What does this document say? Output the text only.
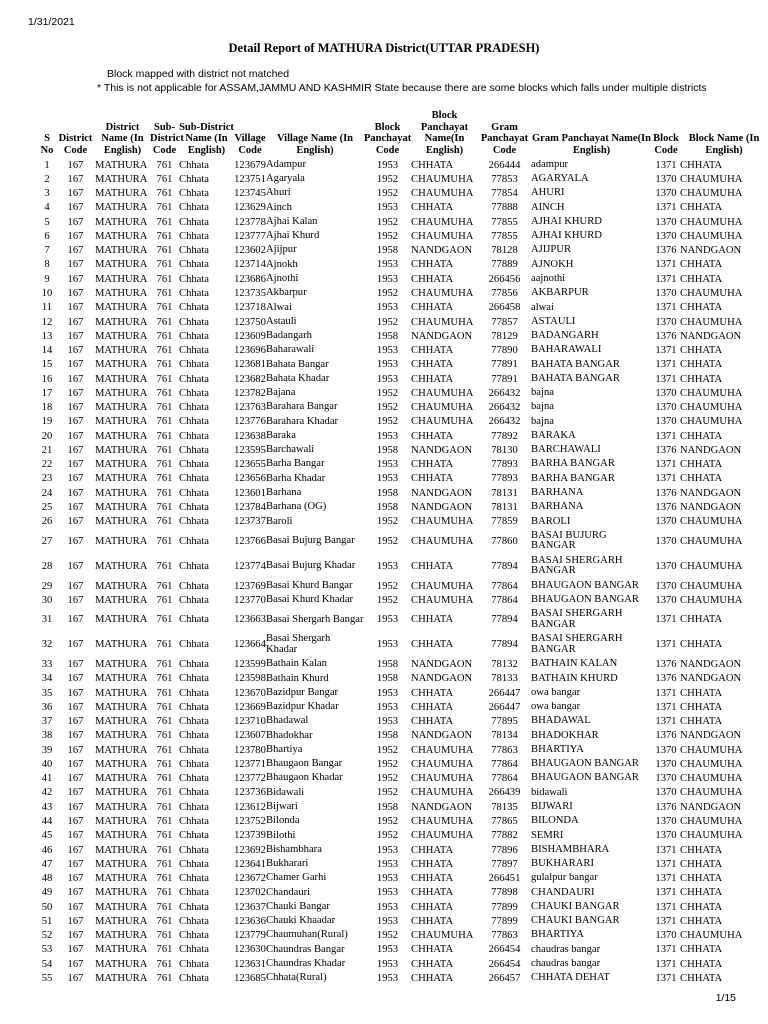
1/31/2021
Detail Report of MATHURA District(UTTAR PRADESH)
Block mapped with district not matched
* This is not applicable for ASSAM,JAMMU AND KASHMIR State because there are some blocks which falls under multiple districts
S No	District Code	District Name (In English)	Sub-District Code	Sub-District Name (In English)	Village Code	Village Name (In English)	Block Panchayat Code	Block Panchayat Name(In English)	Gram Panchayat Code	Gram Panchayat Name(In English)	Block Code	Block Name (In English)
1	167	MATHURA	761	Chhata	123679	Adampur	1953	CHHATA	266444	adampur	1371	CHHATA
2	167	MATHURA	761	Chhata	123751	Agaryala	1952	CHAUMUHA	77853	AGARYALA	1370	CHAUMUHA
3	167	MATHURA	761	Chhata	123745	Ahuri	1952	CHAUMUHA	77854	AHURI	1370	CHAUMUHA
4	167	MATHURA	761	Chhata	123629	Ainch	1953	CHHATA	77888	AINCH	1371	CHHATA
5	167	MATHURA	761	Chhata	123778	Ajhai Kalan	1952	CHAUMUHA	77855	AJHAI KHURD	1370	CHAUMUHA
6	167	MATHURA	761	Chhata	123777	Ajhai Khurd	1952	CHAUMUHA	77855	AJHAI KHURD	1370	CHAUMUHA
7	167	MATHURA	761	Chhata	123602	Ajijpur	1958	NANDGAON	78128	AJIJPUR	1376	NANDGAON
8	167	MATHURA	761	Chhata	123714	Ajnokh	1953	CHHATA	77889	AJNOKH	1371	CHHATA
9	167	MATHURA	761	Chhata	123686	Ajnothi	1953	CHHATA	266456	aajnothi	1371	CHHATA
10	167	MATHURA	761	Chhata	123735	Akbarpur	1952	CHAUMUHA	77856	AKBARPUR	1370	CHAUMUHA
11	167	MATHURA	761	Chhata	123718	Alwai	1953	CHHATA	266458	alwai	1371	CHHATA
12	167	MATHURA	761	Chhata	123750	Astauli	1952	CHAUMUHA	77857	ASTAULI	1370	CHAUMUHA
13	167	MATHURA	761	Chhata	123609	Badangarh	1958	NANDGAON	78129	BADANGARH	1376	NANDGAON
14	167	MATHURA	761	Chhata	123696	Baharawali	1953	CHHATA	77890	BAHARAWALI	1371	CHHATA
15	167	MATHURA	761	Chhata	123681	Bahata Bangar	1953	CHHATA	77891	BAHATA BANGAR	1371	CHHATA
16	167	MATHURA	761	Chhata	123682	Bahata Khadar	1953	CHHATA	77891	BAHATA BANGAR	1371	CHHATA
17	167	MATHURA	761	Chhata	123782	Bajana	1952	CHAUMUHA	266432	bajna	1370	CHAUMUHA
18	167	MATHURA	761	Chhata	123763	Barahara Bangar	1952	CHAUMUHA	266432	bajna	1370	CHAUMUHA
19	167	MATHURA	761	Chhata	123776	Barahara Khadar	1952	CHAUMUHA	266432	bajna	1370	CHAUMUHA
20	167	MATHURA	761	Chhata	123638	Baraka	1953	CHHATA	77892	BARAKA	1371	CHHATA
21	167	MATHURA	761	Chhata	123595	Barchawali	1958	NANDGAON	78130	BARCHAWALI	1376	NANDGAON
22	167	MATHURA	761	Chhata	123655	Barha Bangar	1953	CHHATA	77893	BARHA BANGAR	1371	CHHATA
23	167	MATHURA	761	Chhata	123656	Barha Khadar	1953	CHHATA	77893	BARHA BANGAR	1371	CHHATA
24	167	MATHURA	761	Chhata	123601	Barhana	1958	NANDGAON	78131	BARHANA	1376	NANDGAON
25	167	MATHURA	761	Chhata	123784	Barhana (OG)	1958	NANDGAON	78131	BARHANA	1376	NANDGAON
26	167	MATHURA	761	Chhata	123737	Baroli	1952	CHAUMUHA	77859	BAROLI	1370	CHAUMUHA
27	167	MATHURA	761	Chhata	123766	Basai Bujurg Bangar	1952	CHAUMUHA	77860	BASAI BUJURG BANGAR	1370	CHAUMUHA
28	167	MATHURA	761	Chhata	123774	Basai Bujurg Khadar	1953	CHHATA	77894	BASAI SHERGARH BANGAR	1370	CHAUMUHA
29	167	MATHURA	761	Chhata	123769	Basai Khurd Bangar	1952	CHAUMUHA	77864	BHAUGAON BANGAR	1370	CHAUMUHA
30	167	MATHURA	761	Chhata	123770	Basai Khurd Khadar	1952	CHAUMUHA	77864	BHAUGAON BANGAR	1370	CHAUMUHA
31	167	MATHURA	761	Chhata	123663	Basai Shergarh Bangar	1953	CHHATA	77894	BASAI SHERGARH BANGAR	1371	CHHATA
32	167	MATHURA	761	Chhata	123664	Basai Shergarh Khadar	1953	CHHATA	77894	BASAI SHERGARH BANGAR	1371	CHHATA
33	167	MATHURA	761	Chhata	123599	Bathain Kalan	1958	NANDGAON	78132	BATHAIN KALAN	1376	NANDGAON
34	167	MATHURA	761	Chhata	123598	Bathain Khurd	1958	NANDGAON	78133	BATHAIN KHURD	1376	NANDGAON
35	167	MATHURA	761	Chhata	123670	Bazidpur Bangar	1953	CHHATA	266447	owa bangar	1371	CHHATA
36	167	MATHURA	761	Chhata	123669	Bazidpur Khadar	1953	CHHATA	266447	owa bangar	1371	CHHATA
37	167	MATHURA	761	Chhata	123710	Bhadawal	1953	CHHATA	77895	BHADAWAL	1371	CHHATA
38	167	MATHURA	761	Chhata	123607	Bhadokhar	1958	NANDGAON	78134	BHADOKHAR	1376	NANDGAON
39	167	MATHURA	761	Chhata	123780	Bhartiya	1952	CHAUMUHA	77863	BHARTIYA	1370	CHAUMUHA
40	167	MATHURA	761	Chhata	123771	Bhaugaon Bangar	1952	CHAUMUHA	77864	BHAUGAON BANGAR	1370	CHAUMUHA
41	167	MATHURA	761	Chhata	123772	Bhaugaon Khadar	1952	CHAUMUHA	77864	BHAUGAON BANGAR	1370	CHAUMUHA
42	167	MATHURA	761	Chhata	123736	Bidawali	1952	CHAUMUHA	266439	bidawali	1370	CHAUMUHA
43	167	MATHURA	761	Chhata	123612	Bijwari	1958	NANDGAON	78135	BIJWARI	1376	NANDGAON
44	167	MATHURA	761	Chhata	123752	Bilonda	1952	CHAUMUHA	77865	BILONDA	1370	CHAUMUHA
45	167	MATHURA	761	Chhata	123739	Bilothi	1952	CHAUMUHA	77882	SEMRI	1370	CHAUMUHA
46	167	MATHURA	761	Chhata	123692	Bishambhara	1953	CHHATA	77896	BISHAMBHARA	1371	CHHATA
47	167	MATHURA	761	Chhata	123641	Bukharari	1953	CHHATA	77897	BUKHARARI	1371	CHHATA
48	167	MATHURA	761	Chhata	123672	Chamer Garhi	1953	CHHATA	266451	gulalpur bangar	1371	CHHATA
49	167	MATHURA	761	Chhata	123702	Chandauri	1953	CHHATA	77898	CHANDAURI	1371	CHHATA
50	167	MATHURA	761	Chhata	123637	Chauki Bangar	1953	CHHATA	77899	CHAUKI BANGAR	1371	CHHATA
51	167	MATHURA	761	Chhata	123636	Chauki Khaadar	1953	CHHATA	77899	CHAUKI BANGAR	1371	CHHATA
52	167	MATHURA	761	Chhata	123779	Chaumuhan(Rural)	1952	CHAUMUHA	77863	BHARTIYA	1370	CHAUMUHA
53	167	MATHURA	761	Chhata	123630	Chaundras Bangar	1953	CHHATA	266454	chaudras bangar	1371	CHHATA
54	167	MATHURA	761	Chhata	123631	Chaundras Khadar	1953	CHHATA	266454	chaudras bangar	1371	CHHATA
55	167	MATHURA	761	Chhata	123685	Chhata(Rural)	1953	CHHATA	266457	CHHATA DEHAT	1371	CHHATA
1/15
